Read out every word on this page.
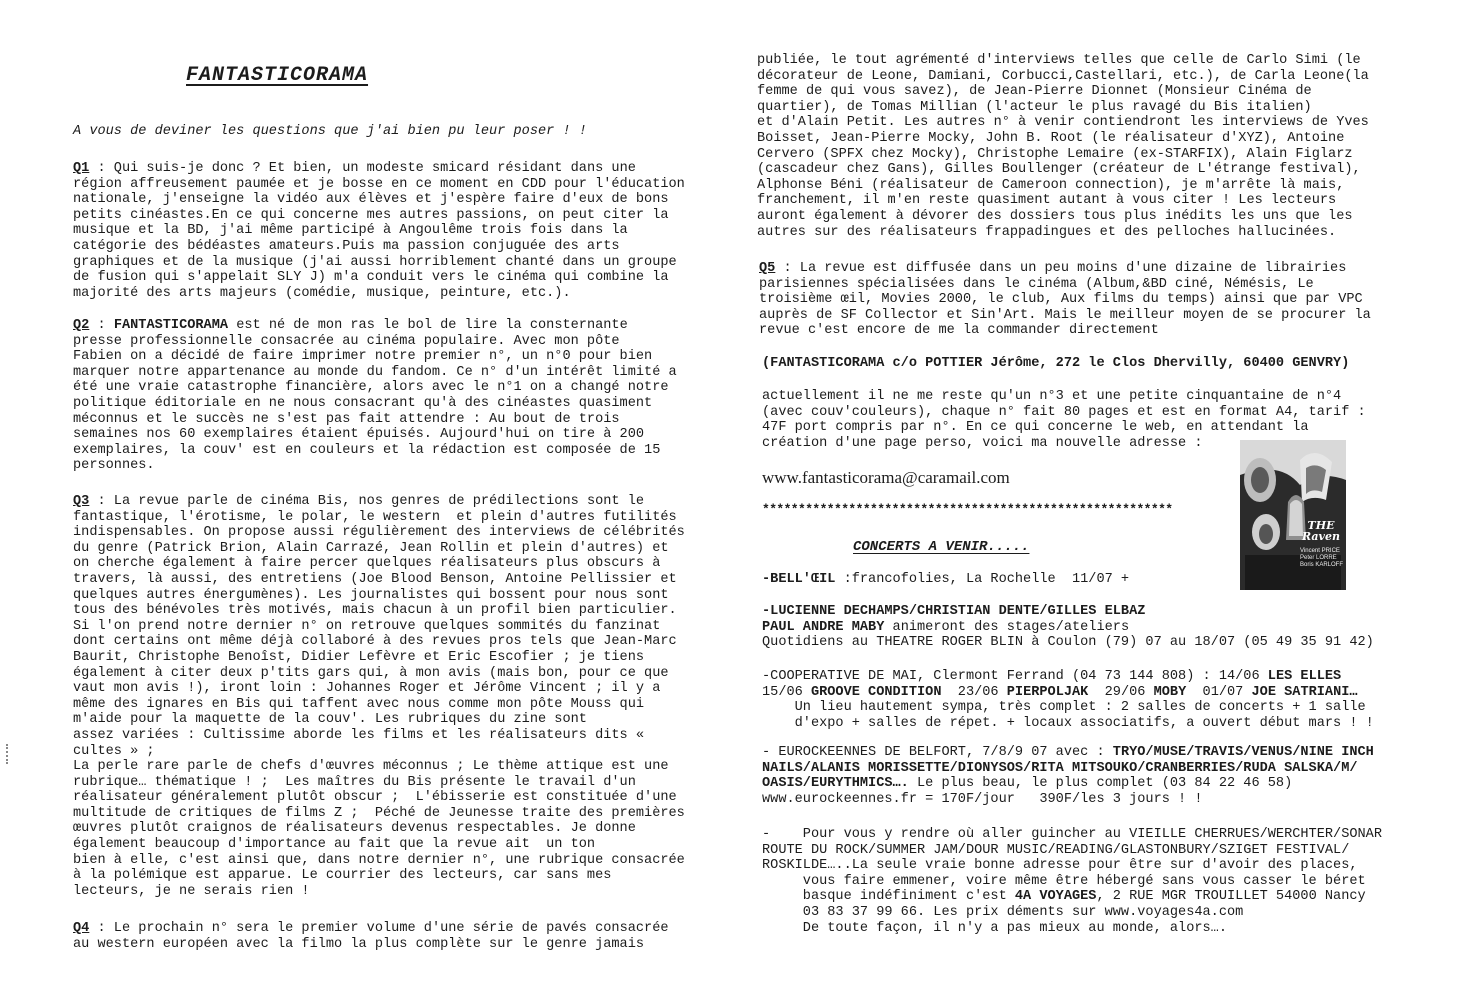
FANTASTICORAMA
A vous de deviner les questions que j'ai bien pu leur poser ! !
Q1 : Qui suis-je donc ? Et bien, un modeste smicard résidant dans une
région affreusement paumée et je bosse en ce moment en CDD pour l'éducation
nationale, j'enseigne la vidéo aux élèves et j'espère faire d'eux de bons
petits cinéastes.En ce qui concerne mes autres passions, on peut citer la
musique et la BD, j'ai même participé à Angoulême trois fois dans la
catégorie des bédéastes amateurs.Puis ma passion conjuguée des arts
graphiques et de la musique (j'ai aussi horriblement chanté dans un groupe
de fusion qui s'appelait SLY J) m'a conduit vers le cinéma qui combine la
majorité des arts majeurs (comédie, musique, peinture, etc.).
Q2 : FANTASTICORAMA est né de mon ras le bol de lire la consternante
presse professionnelle consacrée au cinéma populaire. Avec mon pôte
Fabien on a décidé de faire imprimer notre premier n°, un n°0 pour bien
marquer notre appartenance au monde du fandom. Ce n° d'un intérêt limité a
été une vraie catastrophe financière, alors avec le n°1 on a changé notre
politique éditoriale en ne nous consacrant qu'à des cinéastes quasiment
méconnus et le succès ne s'est pas fait attendre : Au bout de trois
semaines nos 60 exemplaires étaient épuisés. Aujourd'hui on tire à 200
exemplaires, la couv' est en couleurs et la rédaction est composée de 15
personnes.
Q3 : La revue parle de cinéma Bis, nos genres de prédilections sont le
fantastique, l'érotisme, le polar, le western  et plein d'autres futilités
indispensables. On propose aussi régulièrement des interviews de célébrités
du genre (Patrick Brion, Alain Carrazé, Jean Rollin et plein d'autres) et
on cherche également à faire percer quelques réalisateurs plus obscurs à
travers, là aussi, des entretiens (Joe Blood Benson, Antoine Pellissier et
quelques autres énergumènes). Les journalistes qui bossent pour nous sont
tous des bénévoles très motivés, mais chacun à un profil bien particulier.
Si l'on prend notre dernier n° on retrouve quelques sommités du fanzinat
dont certains ont même déjà collaboré à des revues pros tels que Jean-Marc
Baurit, Christophe Benoîst, Didier Lefèvre et Eric Escofier ; je tiens
également à citer deux p'tits gars qui, à mon avis (mais bon, pour ce que
vaut mon avis !), iront loin : Johannes Roger et Jérôme Vincent ; il y a
même des ignares en Bis qui taffent avec nous comme mon pôte Mouss qui
m'aide pour la maquette de la couv'. Les rubriques du zine sont
assez variées : Cultissime aborde les films et les réalisateurs dits «
cultes » ;
La perle rare parle de chefs d'œuvres méconnus ; Le thème attique est une
rubrique… thématique ! ;  Les maîtres du Bis présente le travail d'un
réalisateur généralement plutôt obscur ;  L'ébisserie est constituée d'une
multitude de critiques de films Z ;  Péché de Jeunesse traite des premières
œuvres plutôt craignos de réalisateurs devenus respectables. Je donne
également beaucoup d'importance au fait que la revue ait  un ton
bien à elle, c'est ainsi que, dans notre dernier n°, une rubrique consacrée
à la polémique est apparue. Le courrier des lecteurs, car sans mes
lecteurs, je ne serais rien !
Q4 : Le prochain n° sera le premier volume d'une série de pavés consacrée
au western européen avec la filmo la plus complète sur le genre jamais
publiée, le tout agrémenté d'interviews telles que celle de Carlo Simi (le
décorateur de Leone, Damiani, Corbucci,Castellari, etc.), de Carla Leone(la
femme de qui vous savez), de Jean-Pierre Dionnet (Monsieur Cinéma de
quartier), de Tomas Millian (l'acteur le plus ravagé du Bis italien)
et d'Alain Petit. Les autres n° à venir contiendront les interviews de Yves
Boisset, Jean-Pierre Mocky, John B. Root (le réalisateur d'XYZ), Antoine
Cervero (SPFX chez Mocky), Christophe Lemaire (ex-STARFIX), Alain Figlarz
(cascadeur chez Gans), Gilles Boullenger (créateur de L'étrange festival),
Alphonse Béni (réalisateur de Cameroon connection), je m'arrête là mais,
franchement, il m'en reste quasiment autant à vous citer ! Les lecteurs
auront également à dévorer des dossiers tous plus inédits les uns que les
autres sur des réalisateurs frappadingues et des pelloches hallucinées.
Q5 : La revue est diffusée dans un peu moins d'une dizaine de librairies
parisiennes spécialisées dans le cinéma (Album,&BD ciné, Némésis, Le
troisième œil, Movies 2000, le club, Aux films du temps) ainsi que par VPC
auprès de SF Collector et Sin'Art. Mais le meilleur moyen de se procurer la
revue c'est encore de me la commander directement
(FANTASTICORAMA c/o POTTIER Jérôme, 272 le Clos Dhervilly, 60400 GENVRY)
actuellement il ne me reste qu'un n°3 et une petite cinquantaine de n°4
(avec couv'couleurs), chaque n° fait 80 pages et est en format A4, tarif :
47F port compris par n°. En ce qui concerne le web, en attendant la
création d'une page perso, voici ma nouvelle adresse :
www.fantasticorama@caramail.com
*********************************************************
CONCERTS A VENIR.....
THE Raven
Vincent PRICE
Peter LORRE
Boris KARLOFF
-BELL'ŒIL :francofolies, La Rochelle  11/07 +
-LUCIENNE DECHAMPS/CHRISTIAN DENTE/GILLES ELBAZ
PAUL ANDRE MABY animeront des stages/ateliers
Quotidiens au THEATRE ROGER BLIN à Coulon (79) 07 au 18/07 (05 49 35 91 42)
-COOPERATIVE DE MAI, Clermont Ferrand (04 73 144 808) : 14/06 LES ELLES
15/06 GROOVE CONDITION  23/06 PIERPOLJAK  29/06 MOBY  01/07 JOE SATRIANI…
Un lieu hautement sympa, très complet : 2 salles de concerts + 1 salle
d'expo + salles de répet. + locaux associatifs, a ouvert début mars ! !
- EUROCKEENNES DE BELFORT, 7/8/9 07 avec : TRYO/MUSE/TRAVIS/VENUS/NINE INCH
NAILS/ALANIS MORISSETTE/DIONYSOS/RITA MITSOUKO/CRANBERRIES/RUDA SALSKA/M/
OASIS/EURYTHMICS…. Le plus beau, le plus complet (03 84 22 46 58)
www.eurockeennes.fr = 170F/jour   390F/les 3 jours ! !
-    Pour vous y rendre où aller guincher au VIEILLE CHERRUES/WERCHTER/SONAR
ROUTE DU ROCK/SUMMER JAM/DOUR MUSIC/READING/GLASTONBURY/SZIGET FESTIVAL/
ROSKILDE…..La seule vraie bonne adresse pour être sur d'avoir des places,
vous faire emmener, voire même être hébergé sans vous casser le béret
basque indéfiniment c'est 4A VOYAGES, 2 RUE MGR TROUILLET 54000 Nancy
03 83 37 99 66. Les prix déments sur www.voyages4a.com
De toute façon, il n'y a pas mieux au monde, alors….
